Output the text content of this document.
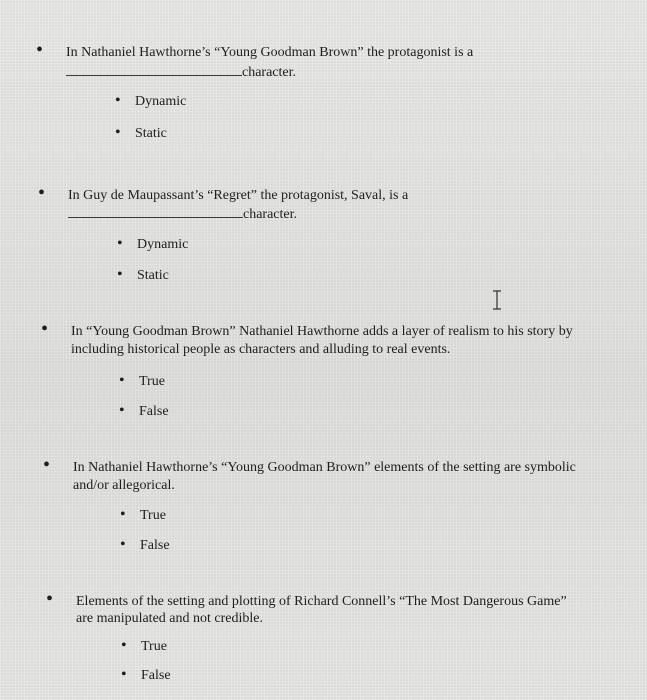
• In Nathaniel Hawthorne’s “Young Goodman Brown” the protagonist is a
character.
• Dynamic
• Static
• In Guy de Maupassant’s “Regret” the protagonist, Saval, is a
character.
• Dynamic
• Static
• In “Young Goodman Brown” Nathaniel Hawthorne adds a layer of realism to his story by
including historical people as characters and alluding to real events.
• True
• False
• In Nathaniel Hawthorne’s “Young Goodman Brown” elements of the setting are symbolic
and/or allegorical.
• True
• False
• Elements of the setting and plotting of Richard Connell’s “The Most Dangerous Game”
are manipulated and not credible.
• True
• False
